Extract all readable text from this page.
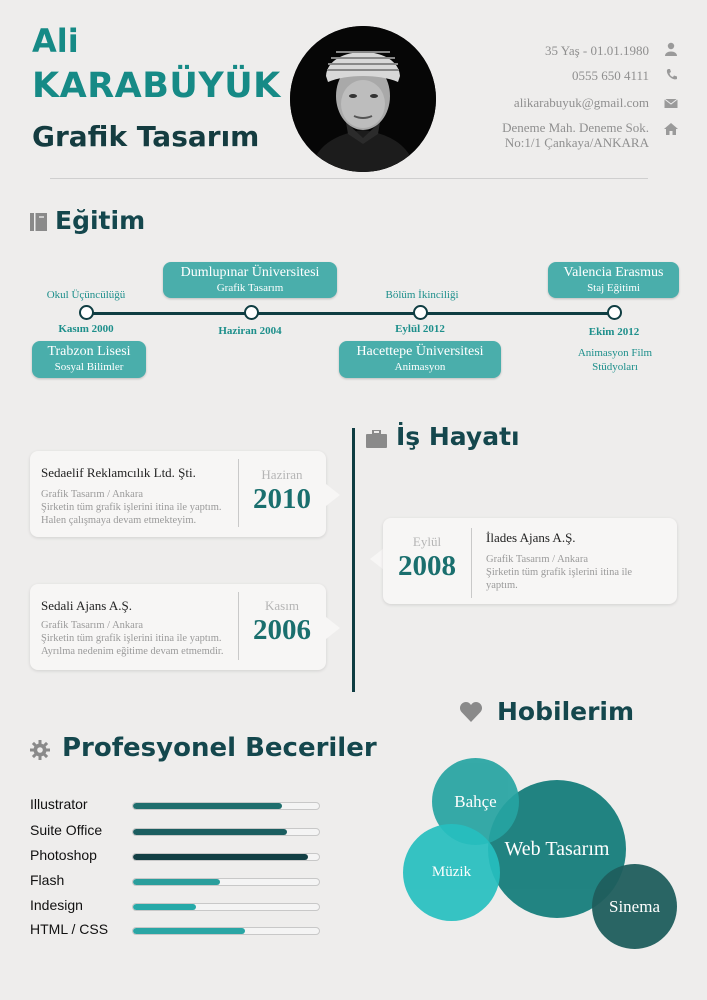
Ali
KARABÜYÜK
Grafik Tasarım
35 Yaş - 01.01.1980
0555 650 4111
alikarabuyuk@gmail.com
Deneme Mah. Deneme Sok.
No:1/1 Çankaya/ANKARA
Eğitim
Okul Üçüncülüğü	Bölüm İkinciliği
Animasyon Film
Stüdyoları
Kasım 2000	Haziran 2004	Eylül 2012	Ekim 2012
Trabzon Lisesi
Sosyal Bilimler
Dumlupınar Üniversitesi
Grafik Tasarım
Hacettepe Üniversitesi
Animasyon
Valencia Erasmus
Staj Eğitimi
İş Hayatı
Sedaelif Reklamcılık Ltd. Şti.
Grafik Tasarım / Ankara
Şirketin tüm grafik işlerini itina ile yaptım.
Halen çalışmaya devam etmekteyim.
Haziran
2010
Eylül
2008
İlades Ajans A.Ş.
Grafik Tasarım / Ankara
Şirketin tüm grafik işlerini itina ile
yaptım.
Sedali Ajans A.Ş.
Grafik Tasarım / Ankara
Şirketin tüm grafik işlerini itina ile yaptım.
Ayrılma nedenim eğitime devam etmemdir.
Kasım
2006
Profesyonel Beceriler
Illustrator
Suite Office
Photoshop
Flash
Indesign
HTML / CSS
Hobilerim
Web Tasarım
Bahçe
Müzik
Sinema
